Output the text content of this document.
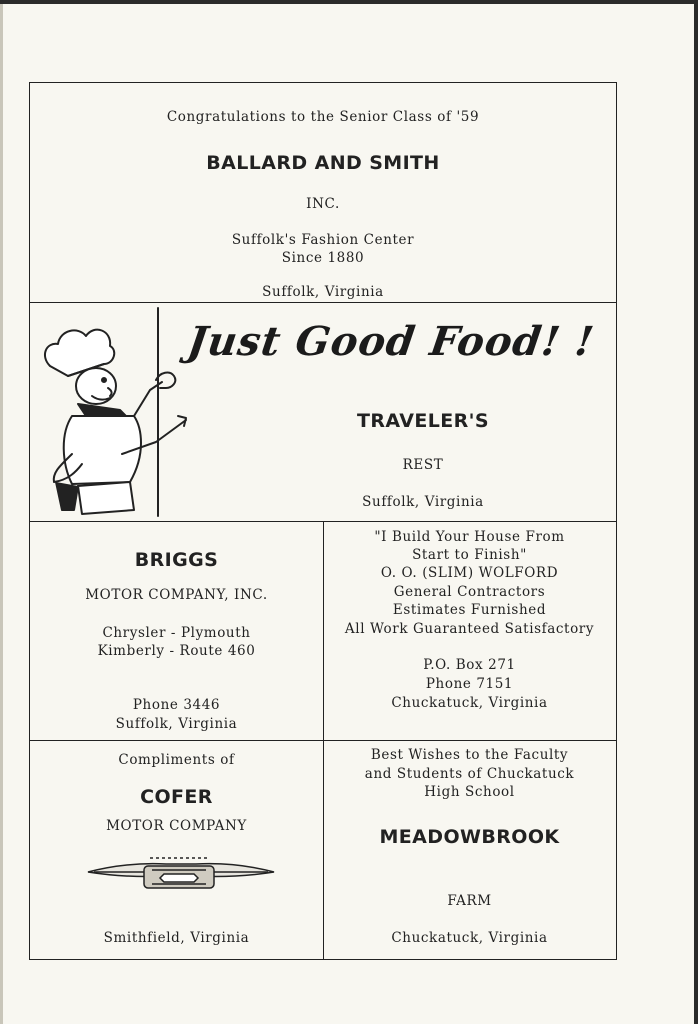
Congratulations to the Senior Class of '59
BALLARD AND SMITH
INC.
Suffolk's Fashion Center
Since 1880
Suffolk, Virginia
Just Good Food! !
TRAVELER'S
REST
Suffolk, Virginia
BRIGGS
MOTOR COMPANY, INC.
Chrysler - Plymouth
Kimberly - Route 460
Phone 3446
Suffolk, Virginia
"I Build Your House From
Start to Finish"
O. O. (SLIM) WOLFORD
General Contractors
Estimates Furnished
All Work Guaranteed Satisfactory
P.O. Box 271
Phone 7151
Chuckatuck, Virginia
Compliments of
COFER
MOTOR COMPANY
Smithfield, Virginia
Best Wishes to the Faculty
and Students of Chuckatuck
High School
MEADOWBROOK
FARM
Chuckatuck, Virginia
